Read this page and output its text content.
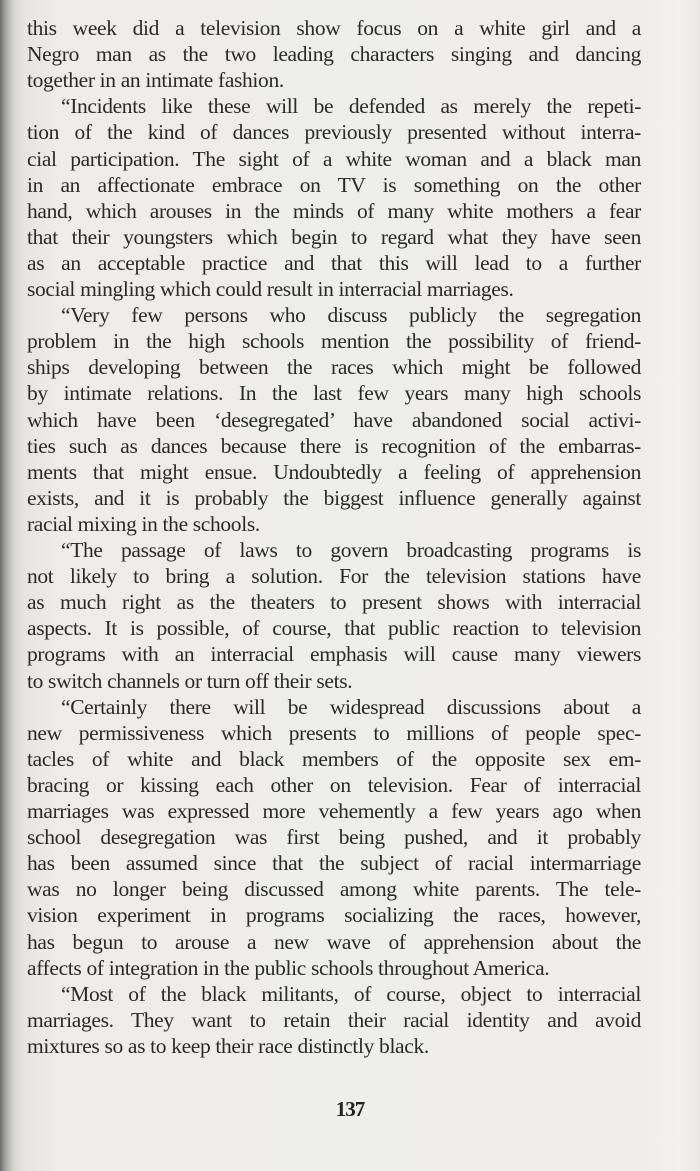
this week did a television show focus on a white girl and a
Negro man as the two leading characters singing and dancing
together in an intimate fashion.
“Incidents like these will be defended as merely the repeti-
tion of the kind of dances previously presented without interra-
cial participation. The sight of a white woman and a black man
in an affectionate embrace on TV is something on the other
hand, which arouses in the minds of many white mothers a fear
that their youngsters which begin to regard what they have seen
as an acceptable practice and that this will lead to a further
social mingling which could result in interracial marriages.
“Very few persons who discuss publicly the segregation
problem in the high schools mention the possibility of friend-
ships developing between the races which might be followed
by intimate relations. In the last few years many high schools
which have been ‘desegregated’ have abandoned social activi-
ties such as dances because there is recognition of the embarras-
ments that might ensue. Undoubtedly a feeling of apprehension
exists, and it is probably the biggest influence generally against
racial mixing in the schools.
“The passage of laws to govern broadcasting programs is
not likely to bring a solution. For the television stations have
as much right as the theaters to present shows with interracial
aspects. It is possible, of course, that public reaction to television
programs with an interracial emphasis will cause many viewers
to switch channels or turn off their sets.
“Certainly there will be widespread discussions about a
new permissiveness which presents to millions of people spec-
tacles of white and black members of the opposite sex em-
bracing or kissing each other on television. Fear of interracial
marriages was expressed more vehemently a few years ago when
school desegregation was first being pushed, and it probably
has been assumed since that the subject of racial intermarriage
was no longer being discussed among white parents. The tele-
vision experiment in programs socializing the races, however,
has begun to arouse a new wave of apprehension about the
affects of integration in the public schools throughout America.
“Most of the black militants, of course, object to interracial
marriages. They want to retain their racial identity and avoid
mixtures so as to keep their race distinctly black.
137
